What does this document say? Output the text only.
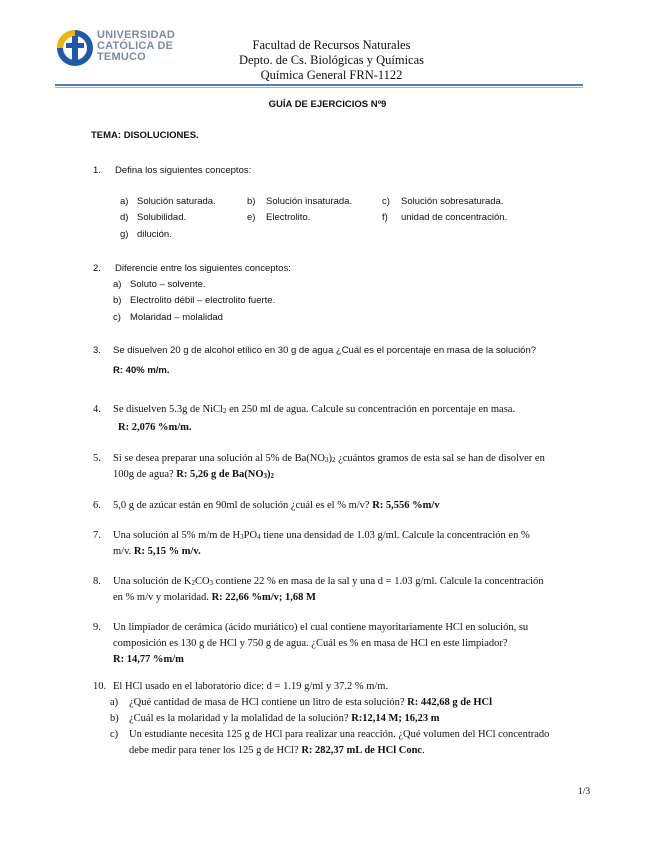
UNIVERSIDAD
CATÓLICA DE
TEMUCO
Facultad de Recursos Naturales
Depto. de Cs. Biológicas y Químicas
Química General FRN-1122
GUÍA DE EJERCICIOS Nº9
TEMA: DISOLUCIONES.
1. Defina los siguientes conceptos:
a) Solución saturada.	b) Solución insaturada.	c) Solución sobresaturada.
d) Solubilidad.	e) Electrolito.	f) unidad de concentración.
g) dilución.
2. Diferencie entre los siguientes conceptos:
a) Soluto – solvente.
b) Electrolito débil – electrolito fuerte.
c) Molaridad – molalidad
3. Se disuelven 20 g de alcohol etílico en 30 g de agua ¿Cuál es el porcentaje en masa de la solución?
R: 40% m/m.
4. Se disuelven 5.3g de NiCl$_2$ en 250 ml de agua. Calcule su concentración en porcentaje en masa.
R: 2,076 %m/m.
5. Si se desea preparar una solución al 5% de $Ba(NO_3)_2$ ¿cuántos gramos de esta sal se han de disolver en
100g de agua? R: 5,26 g de $Ba(NO_3)_2$
6. 5,0 g de azúcar están en 90ml de solución ¿cuál es el % m/v? R: 5,556 %m/v
7. Una solución al 5% m/m de $H_3PO_4$ tiene una densidad de 1.03 g/ml. Calcule la concentración en %
m/v. R: 5,15 % m/v.
8. Una solución de $K_2CO_3$ contiene 22 % en masa de la sal y una d = 1.03 g/ml. Calcule la concentración
en % m/v y molaridad. R: 22,66 %m/v; 1,68 M
9. Un limpiador de cerámica (ácido muriático) el cual contiene mayoritariamente HCl en solución, su
composición es 130 g de HCl y 750 g de agua. ¿Cuál es % en masa de HCl en este limpiador?
R: 14,77 %m/m
10. El HCl usado en el laboratorio dice: d = 1.19 g/ml y 37.2 % m/m.
a) ¿Qué cantidad de masa de HCl contiene un litro de esta solución? R: 442,68 g de HCl
b) ¿Cuál es la molaridad y la molalidad de la solución? R:12,14 M; 16,23 m
c) Un estudiante necesita 125 g de HCl para realizar una reacción. ¿Qué volumen del HCl concentrado
debe medir para tener los 125 g de HCl? R: 282,37 mL de HCl Conc.
1/3
